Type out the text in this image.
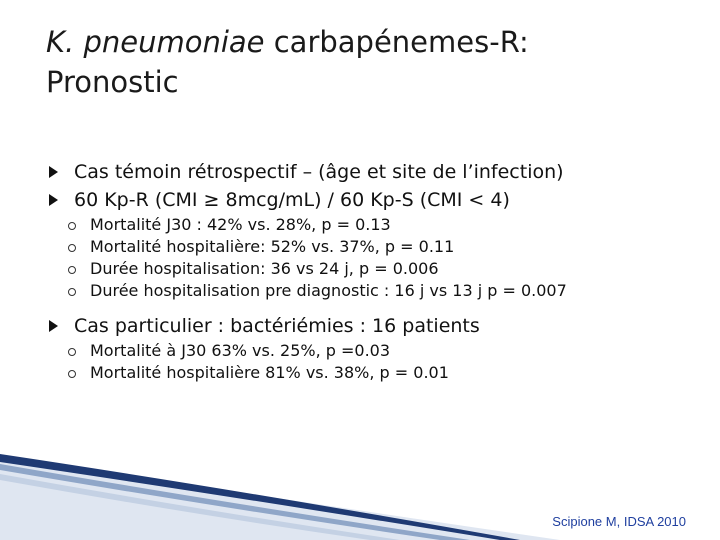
K. pneumoniae carbapénemes-R:
Pronostic
Cas témoin rétrospectif – (âge et site de l’infection)
60 Kp-R (CMI ≥ 8mcg/mL) / 60 Kp-S (CMI < 4)
Mortalité J30 : 42% vs. 28%, p = 0.13
Mortalité hospitalière: 52% vs. 37%, p = 0.11
Durée hospitalisation: 36 vs 24 j, p = 0.006
Durée hospitalisation pre diagnostic : 16 j vs 13 j p = 0.007
Cas particulier : bactériémies : 16 patients
Mortalité à J30 63% vs. 25%, p =0.03
Mortalité hospitalière 81% vs. 38%, p = 0.01
Scipione M, IDSA 2010
